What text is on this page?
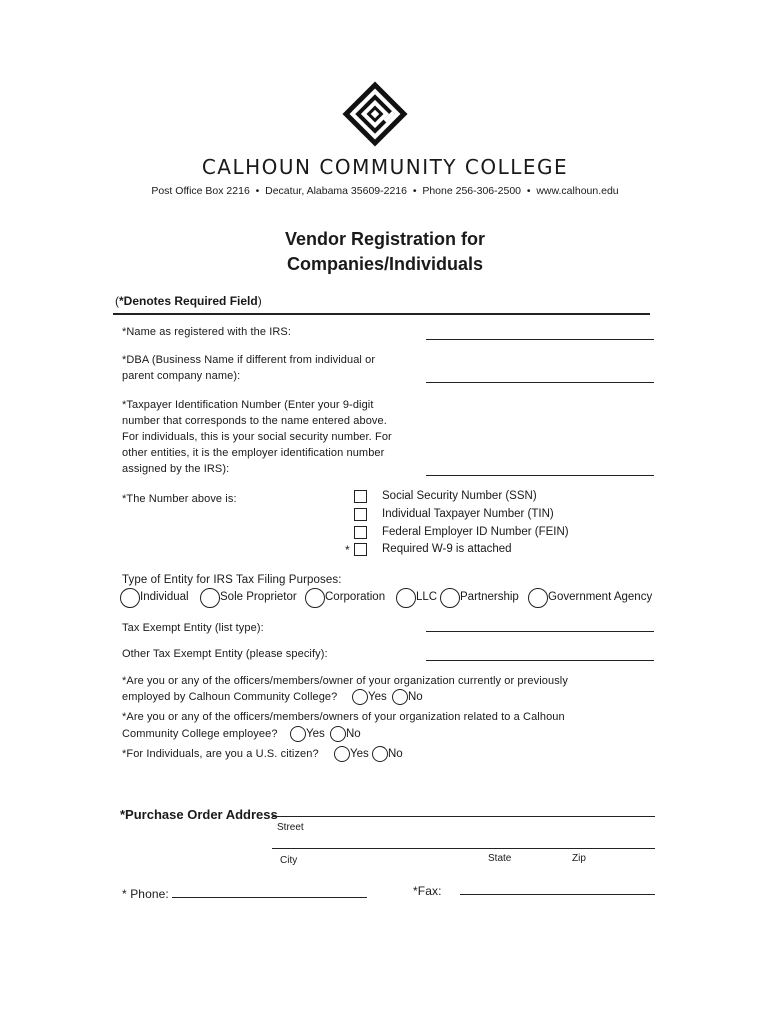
CALHOUN COMMUNITY COLLEGE
Post Office Box 2216  •  Decatur, Alabama 35609-2216  •  Phone 256-306-2500  •  www.calhoun.edu
Vendor Registration for
Companies/Individuals
(*Denotes Required Field)
*Name as registered with the IRS:
*DBA (Business Name if different from individual or
parent company name):
*Taxpayer Identification Number (Enter your 9-digit
number that corresponds to the name entered above.
For individuals, this is your social security number. For
other entities, it is the employer identification number
assigned by the IRS):
*The Number above is:	Social Security Number (SSN)
Individual Taxpayer Number (TIN)
Federal Employer ID Number (FEIN)
*	Required W-9 is attached
Type of Entity for IRS Tax Filing Purposes:
Individual	Sole Proprietor Corporation	LLC Partnership	Government Agency
Tax Exempt Entity (list type):
Other Tax Exempt Entity (please specify):
*Are you or any of the officers/members/owner of your organization currently or previously
employed by Calhoun Community College?	Yes No
*Are you or any of the officers/members/owners of your organization related to a Calhoun
Community College employee? Yes No
*For Individuals, are you a U.S. citizen?	Yes No
*Purchase Order Address
Street
City	State	Zip
* Phone:	*Fax:
